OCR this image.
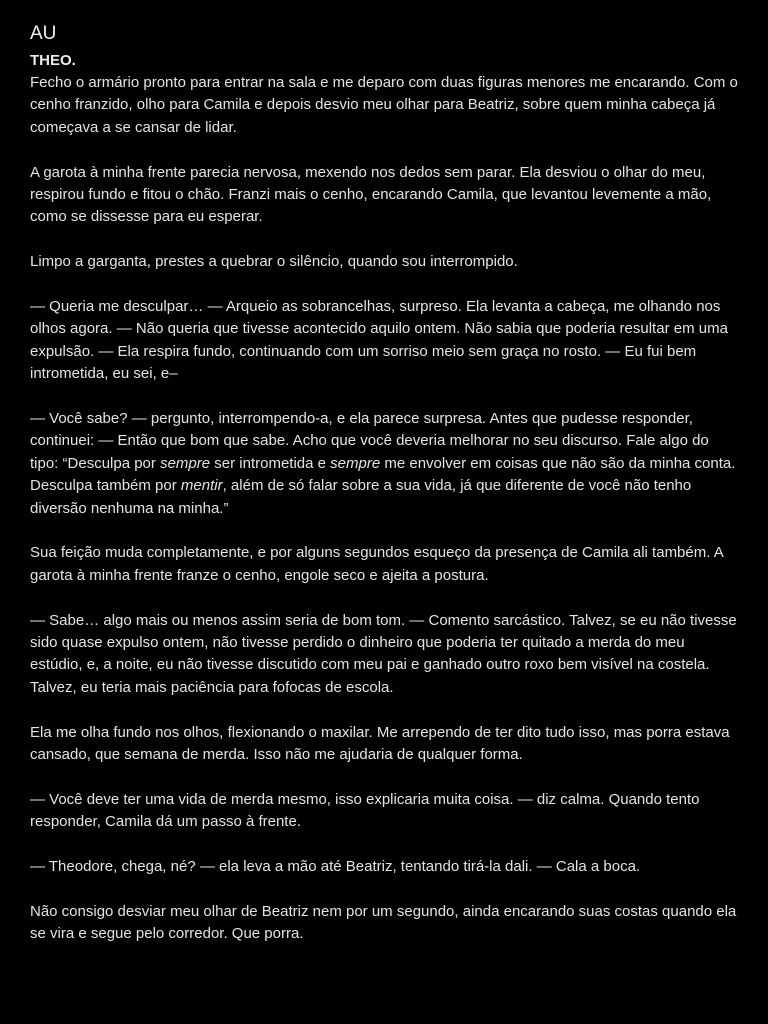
AU
THEO.

Fecho o armário pronto para entrar na sala e me deparo com duas figuras menores me encarando. Com o cenho franzido, olho para Camila e depois desvio meu olhar para Beatriz, sobre quem minha cabeça já começava a se cansar de lidar.

A garota à minha frente parecia nervosa, mexendo nos dedos sem parar. Ela desviou o olhar do meu, respirou fundo e fitou o chão. Franzi mais o cenho, encarando Camila, que levantou levemente a mão, como se dissesse para eu esperar.

Limpo a garganta, prestes a quebrar o silêncio, quando sou interrompido.

— Queria me desculpar… — Arqueio as sobrancelhas, surpreso. Ela levanta a cabeça, me olhando nos olhos agora. — Não queria que tivesse acontecido aquilo ontem. Não sabia que poderia resultar em uma expulsão. — Ela respira fundo, continuando com um sorriso meio sem graça no rosto. — Eu fui bem intrometida, eu sei, e–

— Você sabe? — pergunto, interrompendo-a, e ela parece surpresa. Antes que pudesse responder, continuei: — Então que bom que sabe. Acho que você deveria melhorar no seu discurso. Fale algo do tipo: “Desculpa por sempre ser intrometida e sempre me envolver em coisas que não são da minha conta. Desculpa também por mentir, além de só falar sobre a sua vida, já que diferente de você não tenho diversão nenhuma na minha.”

Sua feição muda completamente, e por alguns segundos esqueço da presença de Camila ali também. A garota à minha frente franze o cenho, engole seco e ajeita a postura.

— Sabe… algo mais ou menos assim seria de bom tom. — Comento sarcástico. Talvez, se eu não tivesse sido quase expulso ontem, não tivesse perdido o dinheiro que poderia ter quitado a merda do meu estúdio, e, a noite, eu não tivesse discutido com meu pai e ganhado outro roxo bem visível na costela. Talvez, eu teria mais paciência para fofocas de escola.

Ela me olha fundo nos olhos, flexionando o maxilar. Me arrependo de ter dito tudo isso, mas porra estava cansado, que semana de merda. Isso não me ajudaria de qualquer forma.

— Você deve ter uma vida de merda mesmo, isso explicaria muita coisa. — diz calma. Quando tento responder, Camila dá um passo à frente.

— Theodore, chega, né? — ela leva a mão até Beatriz, tentando tirá-la dali. — Cala a boca.

Não consigo desviar meu olhar de Beatriz nem por um segundo, ainda encarando suas costas quando ela se vira e segue pelo corredor. Que porra.
